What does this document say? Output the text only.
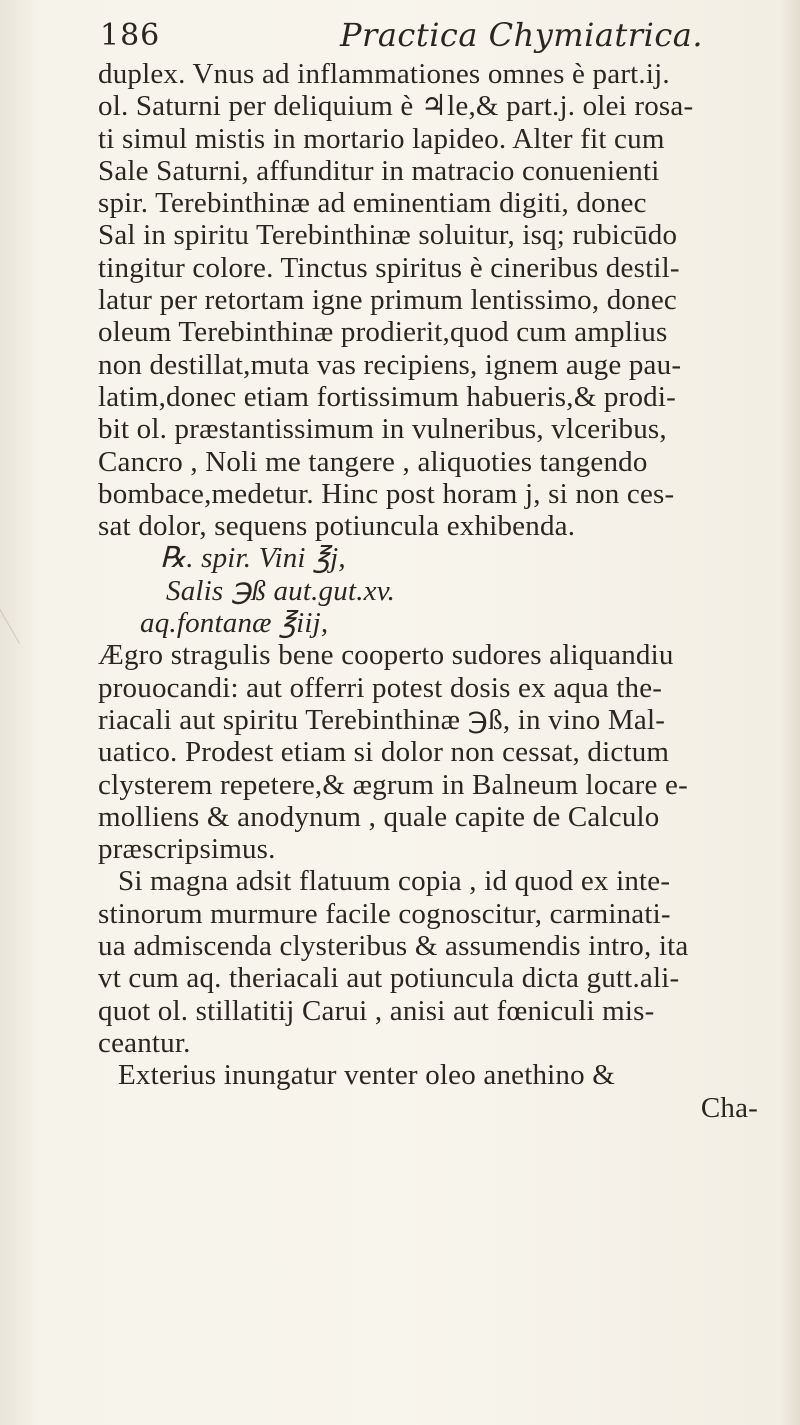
186	Practica Chymiatrica.
duplex. Vnus ad inflammationes omnes è part.ij.
ol. Saturni per deliquium è ♃le,& part.j. olei rosa-
ti simul mistis in mortario lapideo. Alter fit cum
Sale Saturni, affunditur in matracio conuenienti
spir. Terebinthinæ ad eminentiam digiti, donec
Sal in spiritu Terebinthinæ soluitur, isq; rubicūdo
tingitur colore. Tinctus spiritus è cineribus destil-
latur per retortam igne primum lentissimo, donec
oleum Terebinthinæ prodierit,quod cum amplius
non destillat,muta vas recipiens, ignem auge pau-
latim,donec etiam fortissimum habueris,& prodi-
bit ol. præstantissimum in vulneribus, vlceribus,
Cancro , Noli me tangere , aliquoties tangendo
bombace,medetur. Hinc post horam j, si non ces-
sat dolor, sequens potiuncula exhibenda.
℞. spir. Vini ℥j,
Salis ℈ß aut.gut.xv.
aq.fontanæ ℥iij,
Ægro stragulis bene cooperto sudores aliquandiu
prouocandi: aut offerri potest dosis ex aqua the-
riacali aut spiritu Terebinthinæ ℈ß, in vino Mal-
uatico. Prodest etiam si dolor non cessat, dictum
clysterem repetere,& ægrum in Balneum locare e-
molliens & anodynum , quale capite de Calculo
præscripsimus.
Si magna adsit flatuum copia , id quod ex inte-
stinorum murmure facile cognoscitur, carminati-
ua admiscenda clysteribus & assumendis intro, ita
vt cum aq. theriacali aut potiuncula dicta gutt.ali-
quot ol. stillatitij Carui , anisi aut fœniculi mis-
ceantur.
Exterius inungatur venter oleo anethino &
Cha-
